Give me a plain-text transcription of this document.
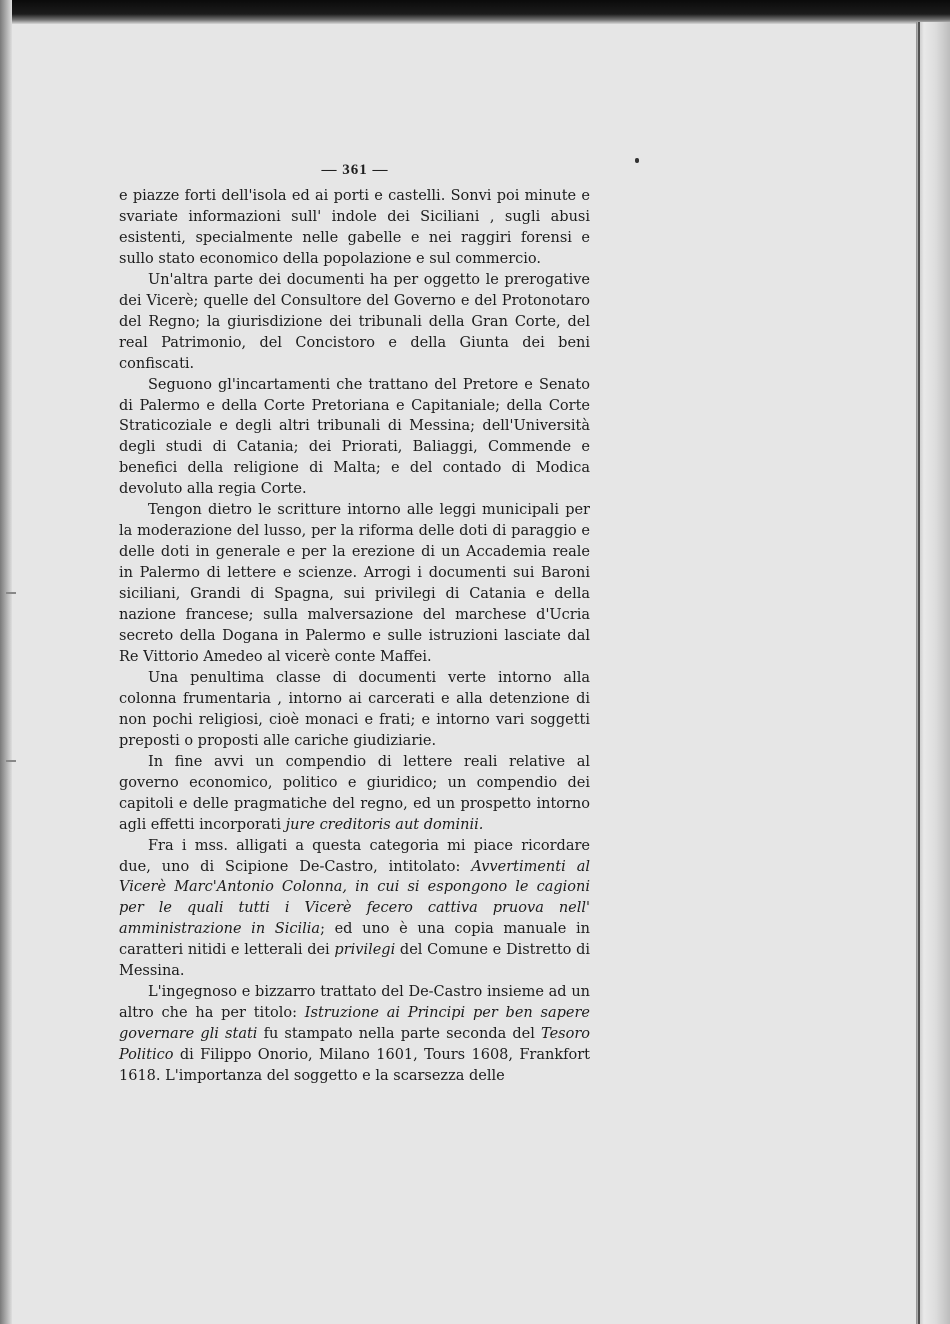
— 361 —

e piazze forti dell'isola ed ai porti e castelli. Sonvi poi minute e svariate informazioni sull' indole dei Siciliani , sugli abusi esistenti, specialmente nelle gabelle e nei raggiri forensi e sullo stato economico della popolazione e sul commercio.

Un'altra parte dei documenti ha per oggetto le prerogative dei Vicerè; quelle del Consultore del Governo e del Protonotaro del Regno; la giurisdizione dei tribunali della Gran Corte, del real Patrimonio, del Concistoro e della Giunta dei beni confiscati.

Seguono gl'incartamenti che trattano del Pretore e Senato di Palermo e della Corte Pretoriana e Capitaniale; della Corte Straticoziale e degli altri tribunali di Messina; dell'Università degli studi di Catania; dei Priorati, Baliaggi, Commende e benefici della religione di Malta; e del contado di Modica devoluto alla regia Corte.

Tengon dietro le scritture intorno alle leggi municipali per la moderazione del lusso, per la riforma delle doti di paraggio e delle doti in generale e per la erezione di un Accademia reale in Palermo di lettere e scienze. Arrogi i documenti sui Baroni siciliani, Grandi di Spagna, sui privilegi di Catania e della nazione francese; sulla malversazione del marchese d'Ucria secreto della Dogana in Palermo e sulle istruzioni lasciate dal Re Vittorio Amedeo al vicerè conte Maffei.

Una penultima classe di documenti verte intorno alla colonna frumentaria , intorno ai carcerati e alla detenzione di non pochi religiosi, cioè monaci e frati; e intorno vari soggetti preposti o proposti alle cariche giudiziarie.

In fine avvi un compendio di lettere reali relative al governo economico, politico e giuridico; un compendio dei capitoli e delle pragmatiche del regno, ed un prospetto intorno agli effetti incorporati jure creditoris aut dominii.

Fra i mss. alligati a questa categoria mi piace ricordare due, uno di Scipione De-Castro, intitolato: Avvertimenti al Vicerè Marc'Antonio Colonna, in cui si espongono le cagioni per le quali tutti i Vicerè fecero cattiva pruova nell' amministrazione in Sicilia; ed uno è una copia manuale in caratteri nitidi e letterali dei privilegi del Comune e Distretto di Messina.

L'ingegnoso e bizzarro trattato del De-Castro insieme ad un altro che ha per titolo: Istruzione ai Principi per ben sapere governare gli stati fu stampato nella parte seconda del Tesoro Politico di Filippo Onorio, Milano 1601, Tours 1608, Frankfort 1618. L'importanza del soggetto e la scarsezza delle
